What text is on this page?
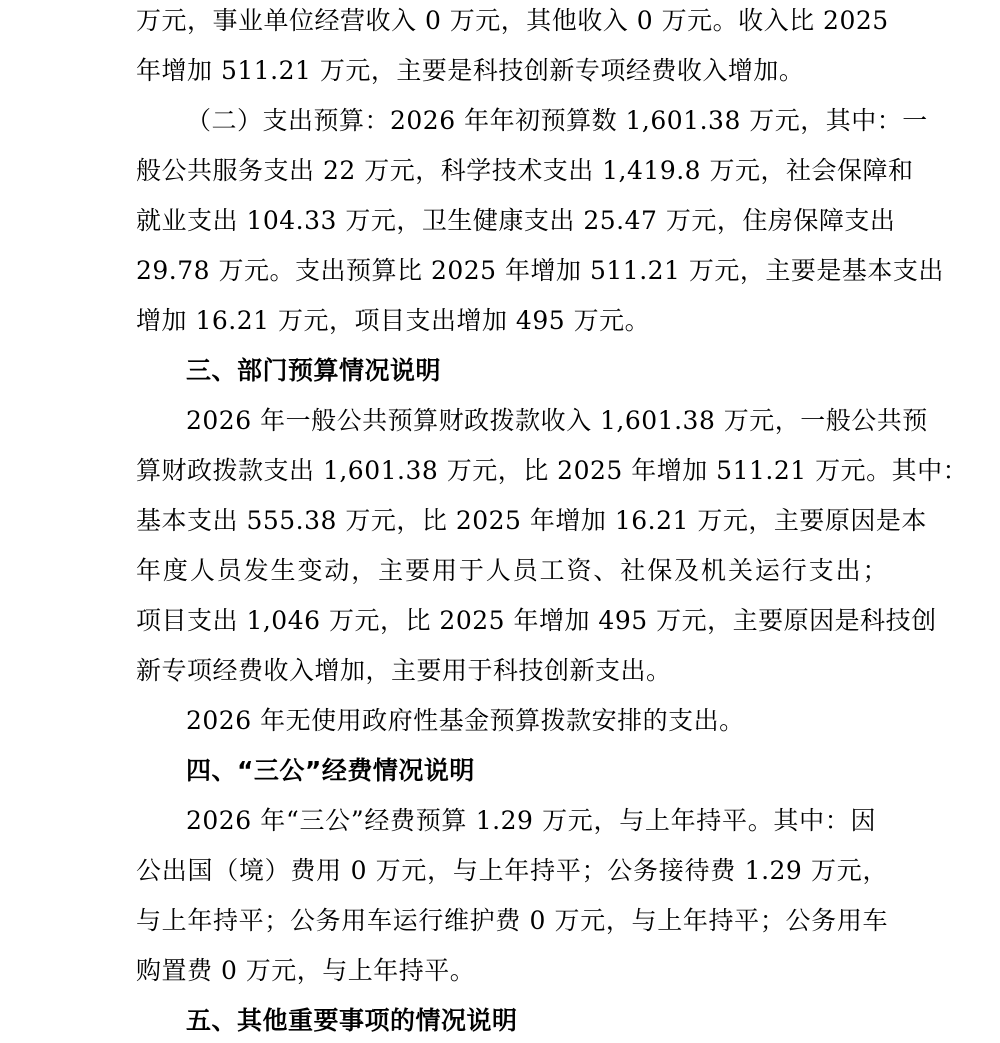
万元，事业单位经营收入 0 万元，其他收入 0 万元。收入比 2025
年增加 511.21 万元，主要是科技创新专项经费收入增加。
（二）支出预算：2026 年年初预算数 1,601.38 万元，其中：一
般公共服务支出 22 万元，科学技术支出 1,419.8 万元，社会保障和
就业支出 104.33 万元，卫生健康支出 25.47 万元，住房保障支出
29.78 万元。支出预算比 2025 年增加 511.21 万元，主要是基本支出
增加 16.21 万元，项目支出增加 495 万元。
三、部门预算情况说明
2026 年一般公共预算财政拨款收入 1,601.38 万元，一般公共预
算财政拨款支出 1,601.38 万元，比 2025 年增加 511.21 万元。其中：
基本支出 555.38 万元，比 2025 年增加 16.21 万元，主要原因是本
年度人员发生变动，主要用于人员工资、社保及机关运行支出；
项目支出 1,046 万元，比 2025 年增加 495 万元，主要原因是科技创
新专项经费收入增加，主要用于科技创新支出。
2026 年无使用政府性基金预算拨款安排的支出。
四、“三公”经费情况说明
2026 年“三公”经费预算 1.29 万元，与上年持平。其中：因
公出国（境）费用 0 万元，与上年持平；公务接待费 1.29 万元，
与上年持平；公务用车运行维护费 0 万元，与上年持平；公务用车
购置费 0 万元，与上年持平。
五、其他重要事项的情况说明
